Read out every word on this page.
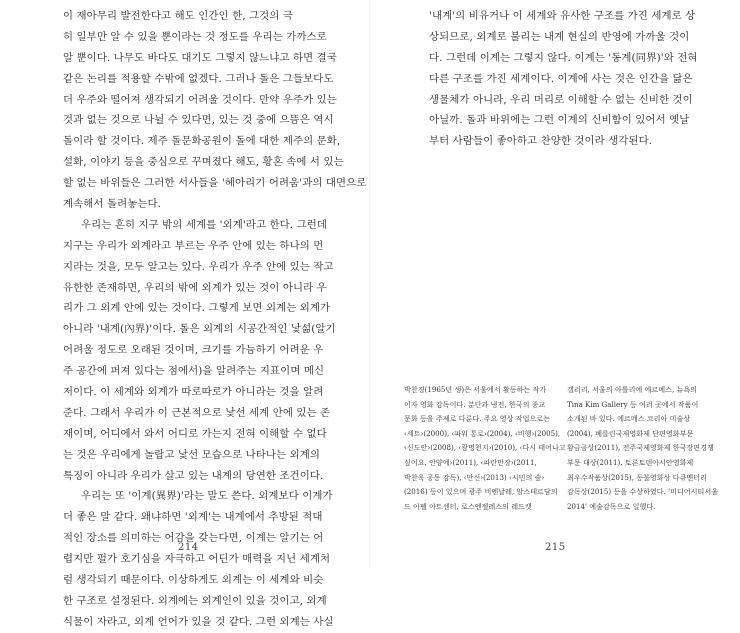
이 재아무리 발전한다고 해도 인간인 한, 그것의 극
히 일부만 알 수 있을 뿐이라는 것 정도를 우리는 가까스로
알 뿐이다. 나무도 바다도 대기도 그렇지 않느냐고 하면 결국
같은 논리를 적용할 수밖에 없겠다. 그러나 돌은 그들보다도
더 우주와 떨어져 생각되기 어려울 것이다. 만약 우주가 있는
것과 없는 것으로 나뉠 수 있다면, 있는 것 중에 으뜸은 역시
돌이라 할 것이다. 제주 돌문화공원이 돌에 대한 제주의 문화,
설화, 이야기 등을 중심으로 꾸며졌다 해도, 황혼 속에 서 있는
할 없는 바위들은 그러한 서사들을 '헤아리기 어려움'과의 대면으로
계속해서 돌려놓는다.
우리는 흔히 지구 밖의 세계를 '외계'라고 한다. 그런데
지구는 우리가 외계라고 부르는 우주 안에 있는 하나의 먼
지라는 것을, 모두 알고는 있다. 우리가 우주 안에 있는 작고
유한한 존재하면, 우리의 밖에 외계가 있는 것이 아니라 우
리가 그 외계 안에 있는 것이다. 그렇게 보면 외계는 외계가
아니라 '내계(內界)'이다. 돌은 외계의 시공간적인 낯섦(알기
어려울 정도로 오래된 것이며, 크기를 가늠하기 어려운 우
주 공간에 퍼져 있다는 점에서)을 알려주는 지표이며 메신
저이다. 이 세계와 외계가 따로따로가 아니라는 것을 알려
준다. 그래서 우리가 이 근본적으로 낯선 세계 안에 있는 존
재이며, 어디에서 와서 어디로 가는지 전혀 이해할 수 없다
는 것은 우리에게 놀랍고 낯선 모습으로 나타나는 외계의
특징이 아니라 우리가 살고 있는 내계의 당연한 조건이다.
우리는 또 '이계(異界)'라는 말도 쓴다. 외계보다 이계가
더 좋은 말 같다. 왜냐하면 '외계'는 내계에서 추방된 적대
적인 장소를 의미하는 어감을 갖는다면, 이계는 알기는 어
렵지만 펄가 호기심을 자극하고 어딘가 매력을 지닌 세계처
럼 생각되기 때문이다. 이상하게도 외계는 이 세계와 비슷
한 구조로 설정된다. 외계에는 외계인이 있을 것이고, 외계
식물이 자라고, 외계 언어가 있을 것 같다. 그런 외계는 사실
'내계'의 비유거나 이 세계와 유사한 구조를 가진 세계로 상
상되므로, 외계로 불리는 내계 현실의 반영에 가까울 것이
다. 그런데 이계는 그렇지 않다. 이계는 '동계(同界)'와 전혀
다른 구조를 가진 세계이다. 이계에 사는 것은 인간을 닮은
생물체가 아니라, 우리 머리로 이해할 수 없는 신비한 것이
아닐까. 돌과 바위에는 그런 이계의 신비함이 있어서 옛날
부터 사람들이 좋아하고 찬양한 것이라 생각된다.
박찬경(1965년 생)은 서울에서 활동하는 작가
이자 영화 감독이다. 분단과 냉전, 한국의 종교
문화 등을 주제로 다룬다. 주요 영상 작업으로는
‹세트›(2000), ‹파워 통로›(2004), ‹비행›(2005),
‹신도안›(2008), ‹광명천지›(2010), ‹다시 태어나고
싶어요, 안양에›(2011), ‹파란만장›(2011,
박찬욱 공동 감독), ‹만신›(2013) ‹시민의 숲›
(2016) 등이 있으며 광주 비엔날레, 암스테르담의
드 아펠 아트센터, 로스엔젤레스의 레드캣
갤러리, 서울의 아틀리에 에르메스, 뉴욕의
Tina Kim Gallery 등 여러 곳에서 작품이
소개된 바 있다. 에르메스 코리아 미술상
(2004), 베를린국제영화제 단편영화부문
황금곰상(2011), 전주국제영화제 한국장편경쟁
부문 대상(2011), 토론토덴아시안영화제
최우수작품상(2015), 동불영화상 다큐멘터리
감독상(2015) 등을 수상하였다. '미디어시티서울
2014' 예술감독으로 일했다.
214	215
